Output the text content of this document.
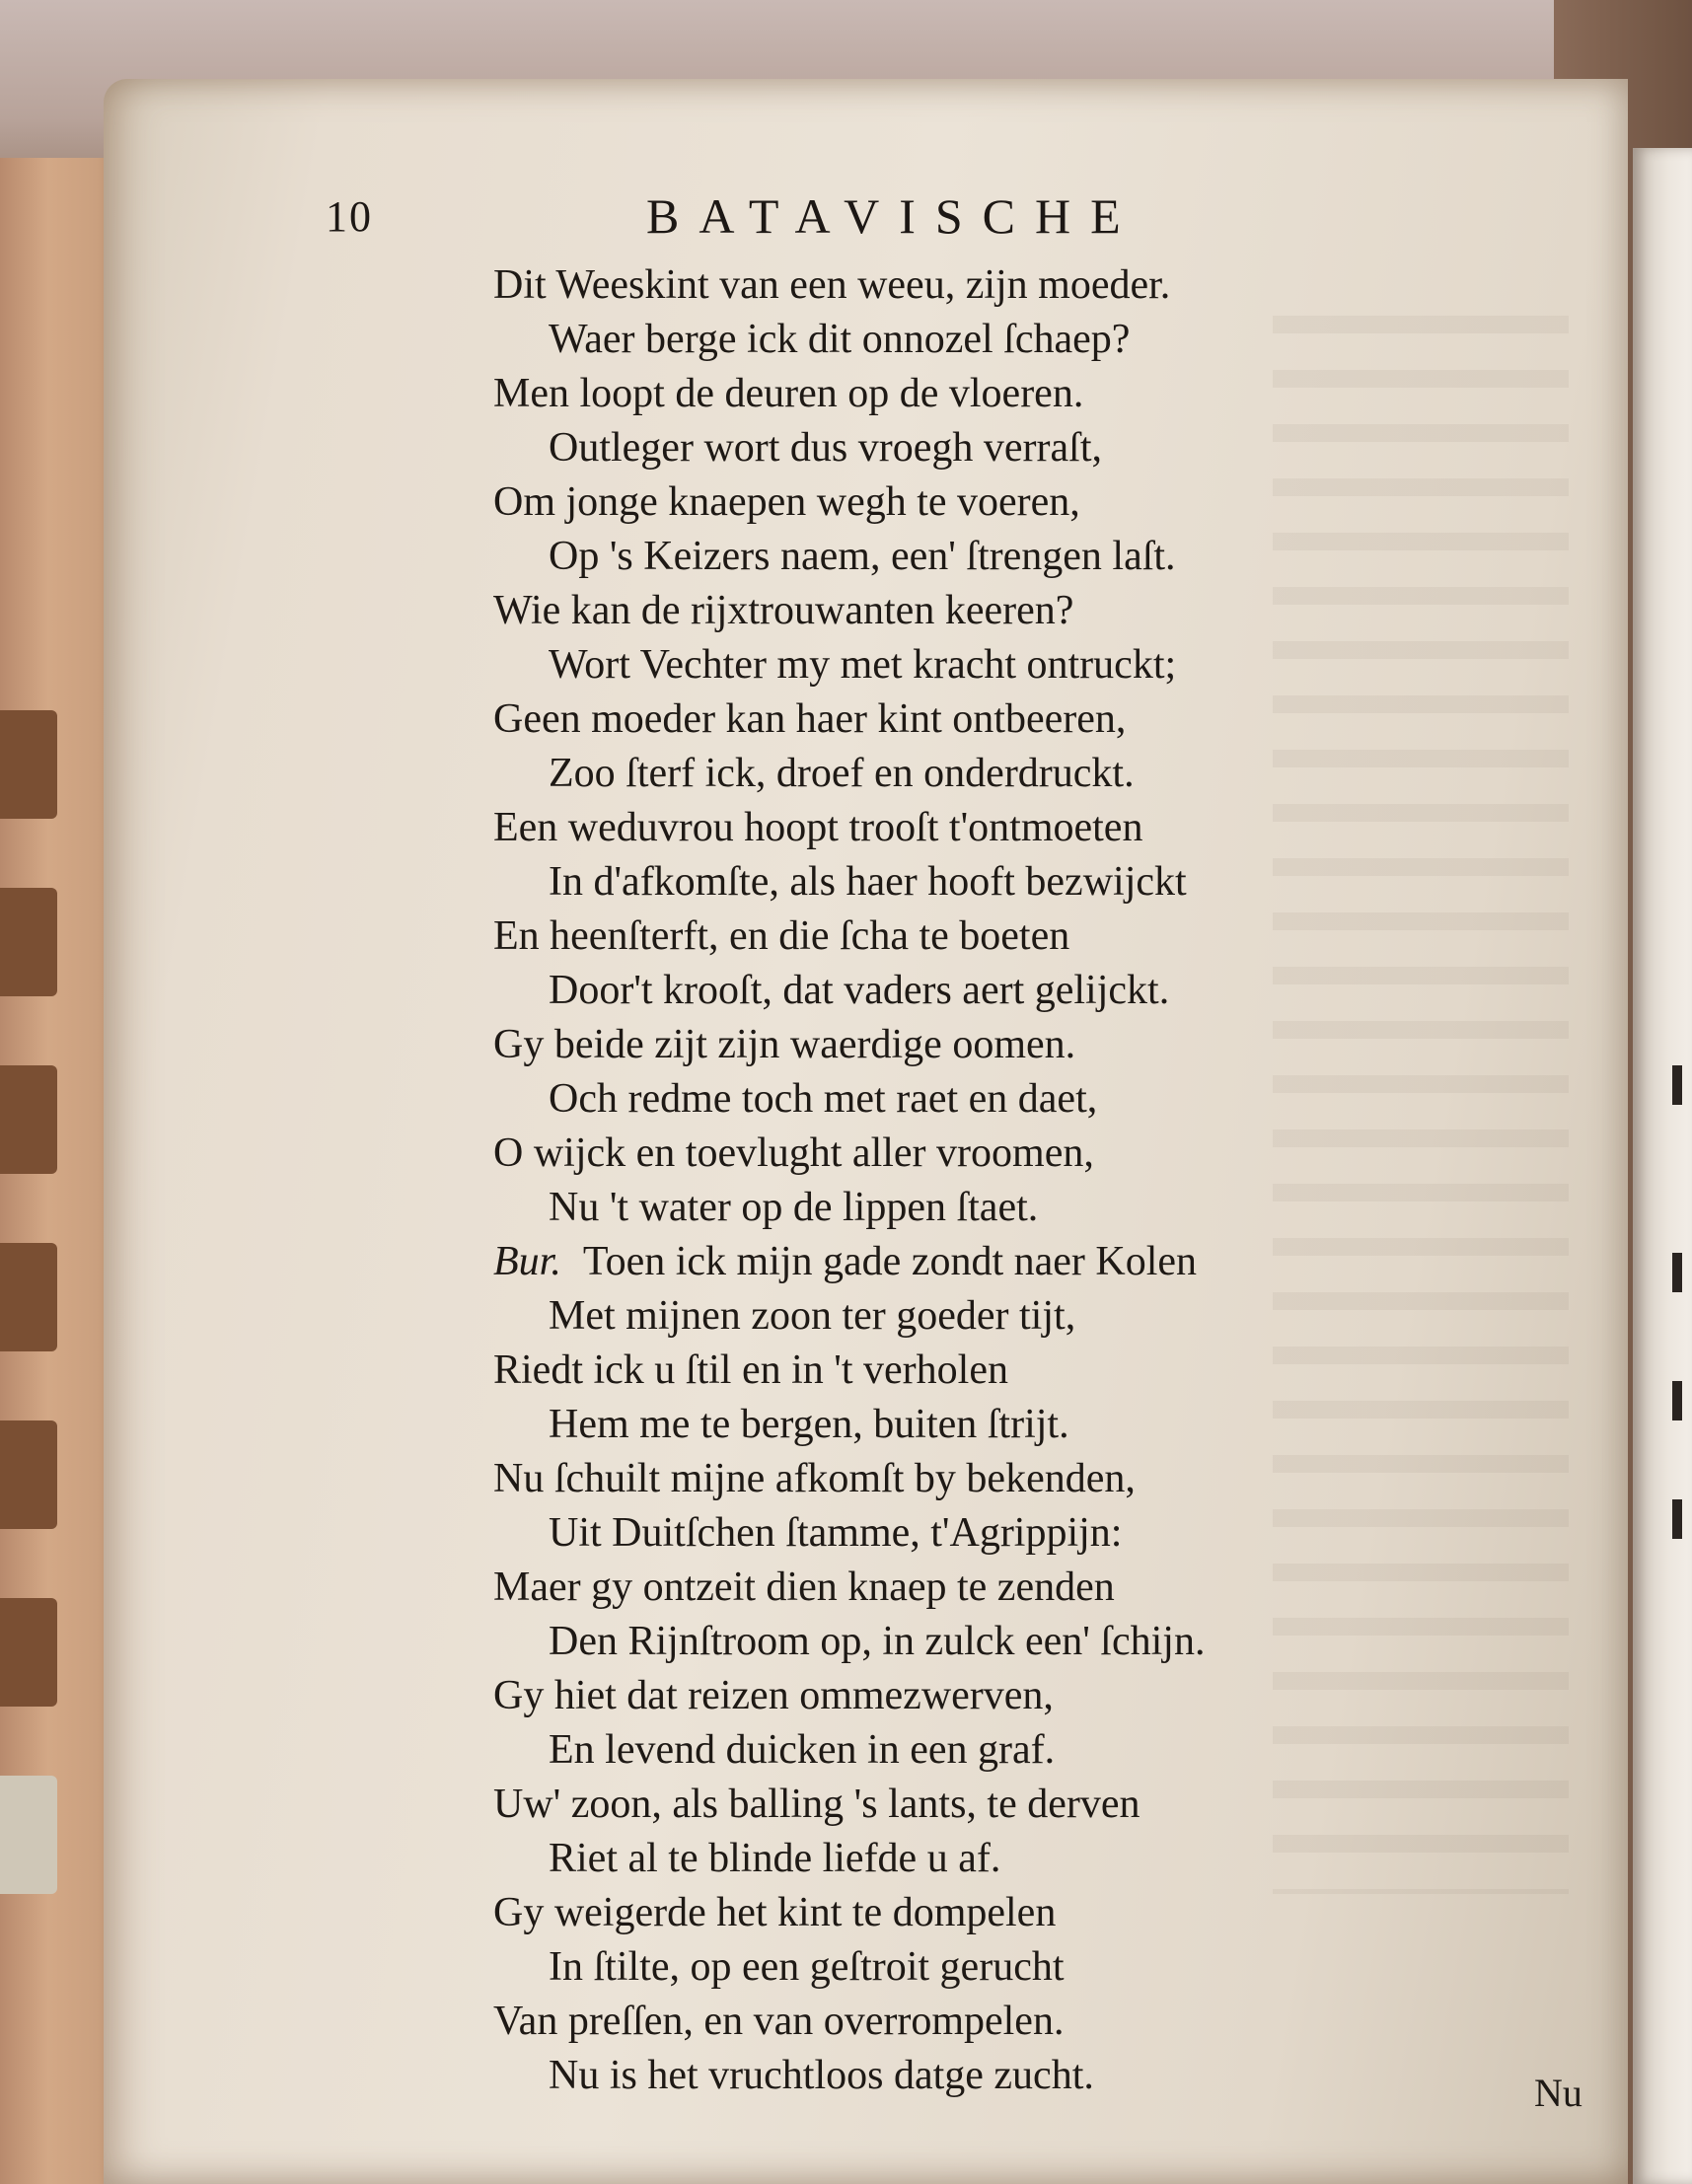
10	BATAVISCHE
Dit Weeskint van een weeu, zijn moeder.
Waer berge ick dit onnozel ſchaep?
Men loopt de deuren op de vloeren.
Outleger wort dus vroegh verraſt,
Om jonge knaepen wegh te voeren,
Op 's Keizers naem, een' ſtrengen laſt.
Wie kan de rijxtrouwanten keeren?
Wort Vechter my met kracht ontruckt;
Geen moeder kan haer kint ontbeeren,
Zoo ſterf ick, droef en onderdruckt.
Een weduvrou hoopt trooſt t'ontmoeten
In d'afkomſte, als haer hooft bezwijckt
En heenſterft, en die ſcha te boeten
Door't krooſt, dat vaders aert gelijckt.
Gy beide zijt zijn waerdige oomen.
Och redme toch met raet en daet,
O wijck en toevlught aller vroomen,
Nu 't water op de lippen ſtaet.
Bur. Toen ick mijn gade zondt naer Kolen
Met mijnen zoon ter goeder tijt,
Riedt ick u ſtil en in 't verholen
Hem me te bergen, buiten ſtrijt.
Nu ſchuilt mijne afkomſt by bekenden,
Uit Duitſchen ſtamme, t'Agrippijn:
Maer gy ontzeit dien knaep te zenden
Den Rijnſtroom op, in zulck een' ſchijn.
Gy hiet dat reizen ommezwerven,
En levend duicken in een graf.
Uw' zoon, als balling 's lants, te derven
Riet al te blinde liefde u af.
Gy weigerde het kint te dompelen
In ſtilte, op een geſtroit gerucht
Van preſſen, en van overrompelen.
Nu is het vruchtloos datge zucht.	Nu
